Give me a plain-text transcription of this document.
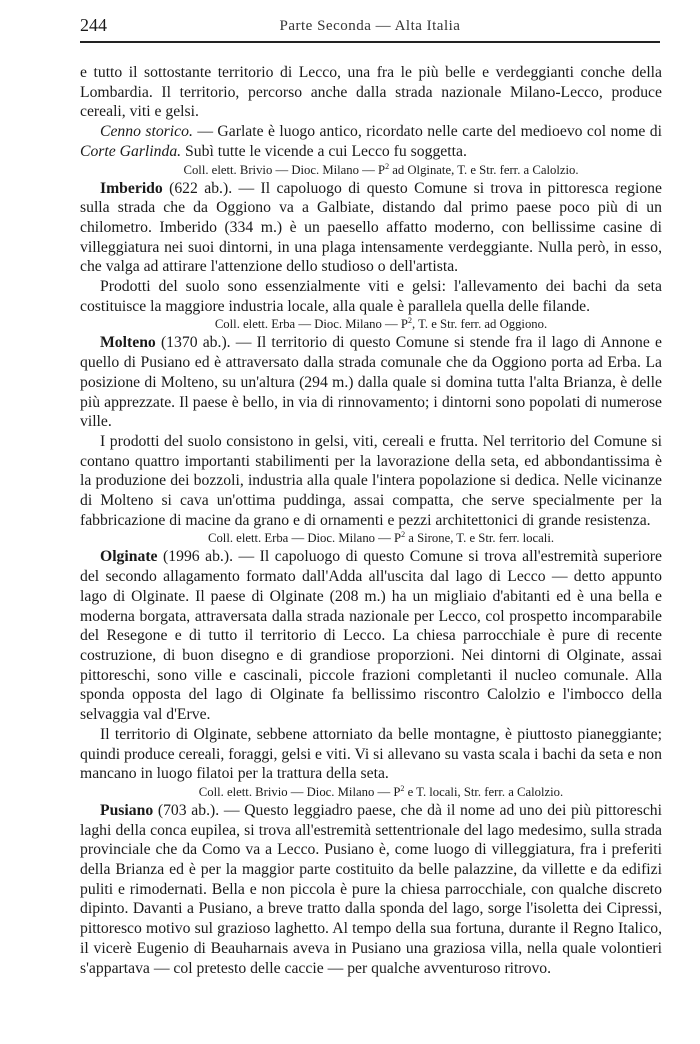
244	Parte Seconda — Alta Italia

e tutto il sottostante territorio di Lecco, una fra le più belle e verdeggianti conche della Lombardia. Il territorio, percorso anche dalla strada nazionale Milano-Lecco, produce cereali, viti e gelsi.

Cenno storico. — Garlate è luogo antico, ricordato nelle carte del medioevo col nome di Corte Garlinda. Subì tutte le vicende a cui Lecco fu soggetta.

Coll. elett. Brivio — Dioc. Milano — $P^2$ ad Olginate, T. e Str. ferr. a Calolzio.

Imberido (622 ab.). — Il capoluogo di questo Comune si trova in pittoresca regione sulla strada che da Oggiono va a Galbiate, distando dal primo paese poco più di un chilometro. Imberido (334 m.) è un paesello affatto moderno, con bellissime casine di villeggiatura nei suoi dintorni, in una plaga intensamente verdeggiante. Nulla però, in esso, che valga ad attirare l'attenzione dello studioso o dell'artista.

Prodotti del suolo sono essenzialmente viti e gelsi: l'allevamento dei bachi da seta costituisce la maggiore industria locale, alla quale è parallela quella delle filande.

Coll. elett. Erba — Dioc. Milano — $P^2$, T. e Str. ferr. ad Oggiono.

Molteno (1370 ab.). — Il territorio di questo Comune si stende fra il lago di Annone e quello di Pusiano ed è attraversato dalla strada comunale che da Oggiono porta ad Erba. La posizione di Molteno, su un'altura (294 m.) dalla quale si domina tutta l'alta Brianza, è delle più apprezzate. Il paese è bello, in via di rinnovamento; i dintorni sono popolati di numerose ville.

I prodotti del suolo consistono in gelsi, viti, cereali e frutta. Nel territorio del Comune si contano quattro importanti stabilimenti per la lavorazione della seta, ed abbondantissima è la produzione dei bozzoli, industria alla quale l'intera popolazione si dedica. Nelle vicinanze di Molteno si cava un'ottima puddinga, assai compatta, che serve specialmente per la fabbricazione di macine da grano e di ornamenti e pezzi architettonici di grande resistenza.

Coll. elett. Erba — Dioc. Milano — $P^2$ a Sirone, T. e Str. ferr. locali.

Olginate (1996 ab.). — Il capoluogo di questo Comune si trova all'estremità superiore del secondo allagamento formato dall'Adda all'uscita dal lago di Lecco — detto appunto lago di Olginate. Il paese di Olginate (208 m.) ha un migliaio d'abitanti ed è una bella e moderna borgata, attraversata dalla strada nazionale per Lecco, col prospetto incomparabile del Resegone e di tutto il territorio di Lecco. La chiesa parrocchiale è pure di recente costruzione, di buon disegno e di grandiose proporzioni. Nei dintorni di Olginate, assai pittoreschi, sono ville e cascinali, piccole frazioni completanti il nucleo comunale. Alla sponda opposta del lago di Olginate fa bellissimo riscontro Calolzio e l'imbocco della selvaggia val d'Erve.

Il territorio di Olginate, sebbene attorniato da belle montagne, è piuttosto pianeggiante; quindi produce cereali, foraggi, gelsi e viti. Vi si allevano su vasta scala i bachi da seta e non mancano in luogo filatoi per la trattura della seta.

Coll. elett. Brivio — Dioc. Milano — $P^2$ e T. locali, Str. ferr. a Calolzio.

Pusiano (703 ab.). — Questo leggiadro paese, che dà il nome ad uno dei più pittoreschi laghi della conca eupilea, si trova all'estremità settentrionale del lago medesimo, sulla strada provinciale che da Como va a Lecco. Pusiano è, come luogo di villeggiatura, fra i preferiti della Brianza ed è per la maggior parte costituito da belle palazzine, da villette e da edifizi puliti e rimodernati. Bella e non piccola è pure la chiesa parrocchiale, con qualche discreto dipinto. Davanti a Pusiano, a breve tratto dalla sponda del lago, sorge l'isoletta dei Cipressi, pittoresco motivo sul grazioso laghetto. Al tempo della sua fortuna, durante il Regno Italico, il vicerè Eugenio di Beauharnais aveva in Pusiano una graziosa villa, nella quale volontieri s'appartava — col pretesto delle caccie — per qualche avventuroso ritrovo.
